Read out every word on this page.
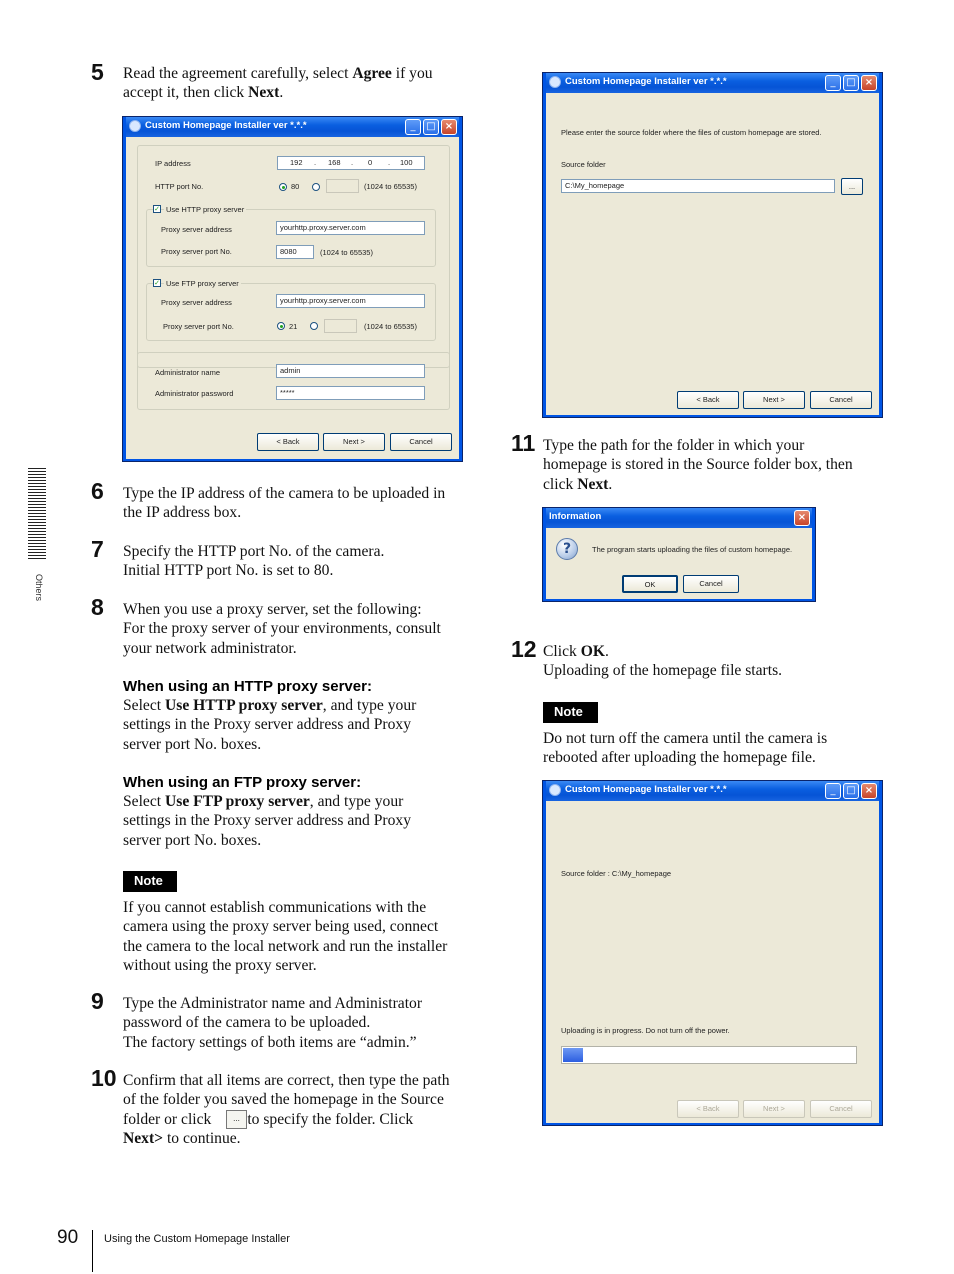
Others
5 Read the agreement carefully, select Agree if you
accept it, then click Next.
Custom Homepage Installer ver *.*.*	_	□ ×
IP address	192 . 168 . 0 . 100
HTTP port No.	80	(1024 to 65535)
✓ Use HTTP proxy server
Proxy server address	yourhttp.proxy.server.com
Proxy server port No.	8080	(1024 to 65535)
✓ Use FTP proxy server
Proxy server address	yourhttp.proxy.server.com
Proxy server port No.	21	(1024 to 65535)
Administrator name	admin
Administrator password	*****
< Back	Next >	Cancel
6 Type the IP address of the camera to be uploaded in
the IP address box.
7 Specify the HTTP port No. of the camera.
Initial HTTP port No. is set to 80.
8 When you use a proxy server, set the following:
For the proxy server of your environments, consult
your network administrator.
When using an HTTP proxy server:
Select Use HTTP proxy server, and type your
settings in the Proxy server address and Proxy
server port No. boxes.
When using an FTP proxy server:
Select Use FTP proxy server, and type your
settings in the Proxy server address and Proxy
server port No. boxes.
Note
If you cannot establish communications with the
camera using the proxy server being used, connect
the camera to the local network and run the installer
without using the proxy server.
9 Type the Administrator name and Administrator
password of the camera to be uploaded.
The factory settings of both items are “admin.”
10 Confirm that all items are correct, then type the path
of the folder you saved the homepage in the Source
folder or click to specify the folder. Click
Next> to continue.
...
Custom Homepage Installer ver *.*.*	_	□ ×
Please enter the source folder where the files of custom homepage are stored.
Source folder
C:\My_homepage	...
< Back	Next >	Cancel
11 Type the path for the folder in which your
homepage is stored in the Source folder box, then
click Next.
Information	×
?	The program starts uploading the files of custom homepage.
OK	Cancel
12 Click OK.
Uploading of the homepage file starts.
Note
Do not turn off the camera until the camera is
rebooted after uploading the homepage file.
Custom Homepage Installer ver *.*.*	_	□ ×
Source folder : C:\My_homepage
Uploading is in progress. Do not turn off the power.
< Back	Next >	Cancel
90 Using the Custom Homepage Installer
